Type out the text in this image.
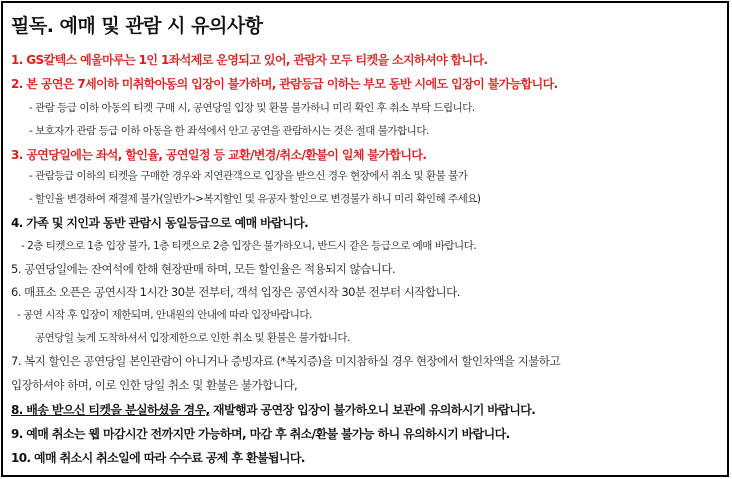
필독. 예매 및 관람 시 유의사항
1. GS칼텍스 예울마루는 1인 1좌석제로 운영되고 있어, 관람자 모두 티켓을 소지하셔야 합니다.
2. 본 공연은 7세이하 미취학아동의 입장이 불가하며, 관람등급 이하는 부모 동반 시에도 입장이 불가능합니다.
- 관람 등급 이하 아동의 티켓 구매 시, 공연당일 입장 및 환불 불가하니 미리 확인 후 취소 부탁 드립니다.
- 보호자가 관람 등급 이하 아동을 한 좌석에서 안고 공연을 관람하시는 것은 절대 불가합니다.
3. 공연당일에는 좌석, 할인율, 공연일정 등 교환/변경/취소/환불이 일체 불가합니다.
- 관람등급 이하의 티켓을 구매한 경우와 지연관객으로 입장을 받으신 경우 현장에서 취소 및 환불 불가
- 할인율 변경하여 재결제 불가(일반가->복지할인 및 유공자 할인으로 변경불가 하니 미리 확인해 주세요)
4. 가족 및 지인과 동반 관람시 동일등급으로 예매 바랍니다.
- 2층 티켓으로 1층 입장 불가, 1층 티켓으로 2층 입장은 불가하오니, 반드시 같은 등급으로 예매 바랍니다.
5. 공연당일에는 잔여석에 한해 현장판매 하며, 모든 할인율은 적용되지 않습니다.
6. 매표소 오픈은 공연시작 1시간 30분 전부터, 객석 입장은 공연시작 30분 전부터 시작합니다.
- 공연 시작 후 입장이 제한되며, 안내원의 안내에 따라 입장바랍니다.
공연당일 늦게 도착하셔서 입장제한으로 인한 취소 및 환불은 불가합니다.
7. 복지 할인은 공연당일 본인관람이 아니거나 증빙자료 (*복지증)을 미지참하실 경우 현장에서 할인차액을 지불하고
입장하셔야 하며, 이로 인한 당일 취소 및 환불은 불가합니다,
8. 배송 받으신 티켓을 분실하셨을 경우, 재발행과 공연장 입장이 불가하오니 보관에 유의하시기 바랍니다.
9. 예매 취소는 웹 마감시간 전까지만 가능하며, 마감 후 취소/환불 불가능 하니 유의하시기 바랍니다.
10. 예매 취소시 취소일에 따라 수수료 공제 후 환불됩니다.
